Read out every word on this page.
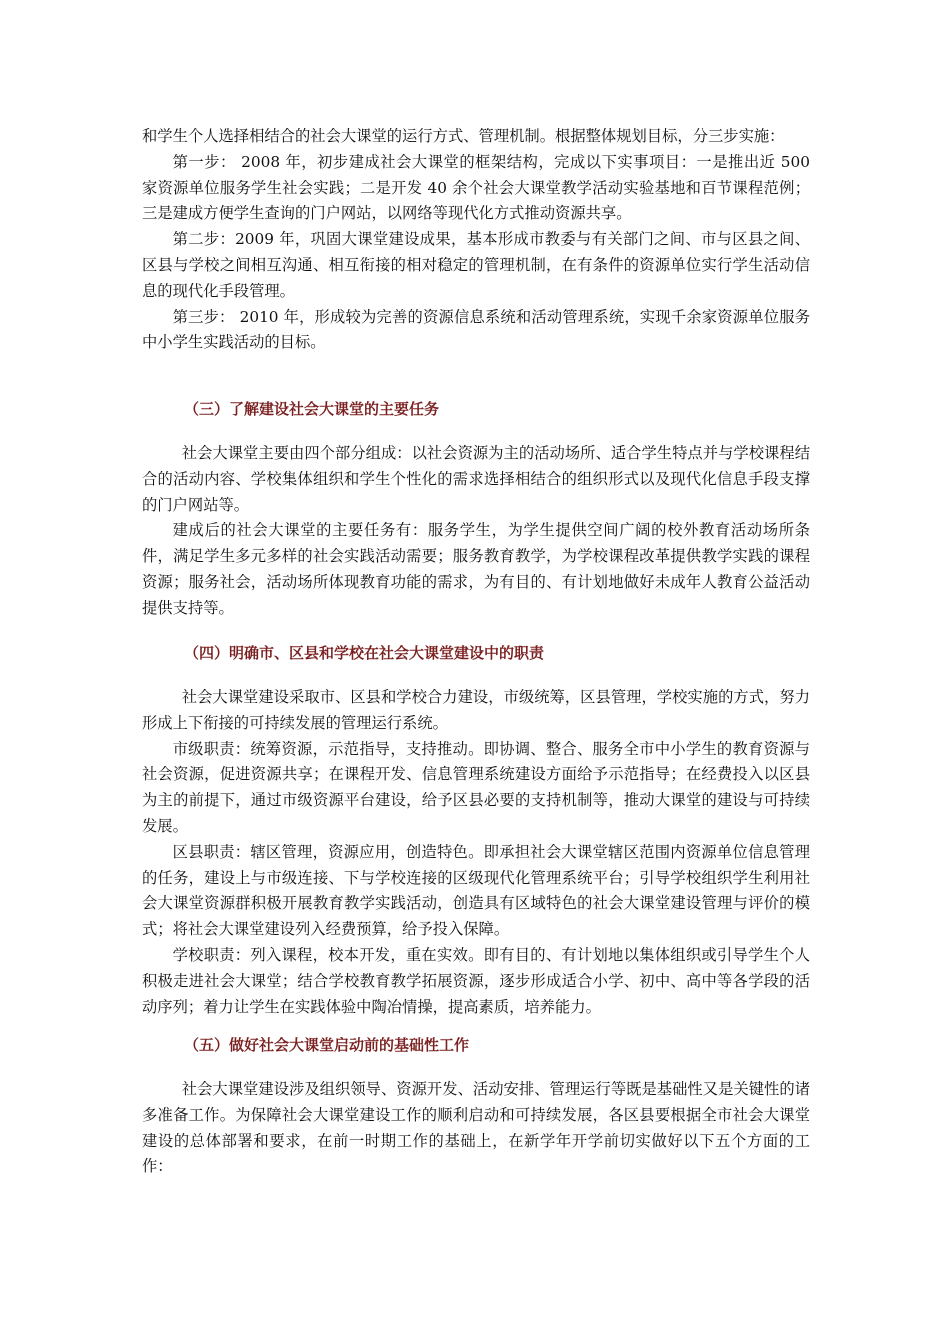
和学生个人选择相结合的社会大课堂的运行方式、管理机制。根据整体规划目标，分三步实施：

第一步： 2008 年，初步建成社会大课堂的框架结构，完成以下实事项目：一是推出近 500 家资源单位服务学生社会实践；二是开发 40 余个社会大课堂教学活动实验基地和百节课程范例；三是建成方便学生查询的门户网站，以网络等现代化方式推动资源共享。

第二步：2009 年，巩固大课堂建设成果，基本形成市教委与有关部门之间、市与区县之间、区县与学校之间相互沟通、相互衔接的相对稳定的管理机制，在有条件的资源单位实行学生活动信息的现代化手段管理。

第三步： 2010 年，形成较为完善的资源信息系统和活动管理系统，实现千余家资源单位服务中小学生实践活动的目标。

（三）了解建设社会大课堂的主要任务

社会大课堂主要由四个部分组成：以社会资源为主的活动场所、适合学生特点并与学校课程结合的活动内容、学校集体组织和学生个性化的需求选择相结合的组织形式以及现代化信息手段支撑的门户网站等。

建成后的社会大课堂的主要任务有：服务学生，为学生提供空间广阔的校外教育活动场所条件，满足学生多元多样的社会实践活动需要；服务教育教学，为学校课程改革提供教学实践的课程资源；服务社会，活动场所体现教育功能的需求，为有目的、有计划地做好未成年人教育公益活动提供支持等。

（四）明确市、区县和学校在社会大课堂建设中的职责

社会大课堂建设采取市、区县和学校合力建设，市级统筹，区县管理，学校实施的方式，努力形成上下衔接的可持续发展的管理运行系统。

市级职责：统筹资源，示范指导，支持推动。即协调、整合、服务全市中小学生的教育资源与社会资源，促进资源共享；在课程开发、信息管理系统建设方面给予示范指导；在经费投入以区县为主的前提下，通过市级资源平台建设，给予区县必要的支持机制等，推动大课堂的建设与可持续发展。

区县职责：辖区管理，资源应用，创造特色。即承担社会大课堂辖区范围内资源单位信息管理的任务，建设上与市级连接、下与学校连接的区级现代化管理系统平台；引导学校组织学生利用社会大课堂资源群积极开展教育教学实践活动，创造具有区域特色的社会大课堂建设管理与评价的模式；将社会大课堂建设列入经费预算，给予投入保障。

学校职责：列入课程，校本开发，重在实效。即有目的、有计划地以集体组织或引导学生个人积极走进社会大课堂；结合学校教育教学拓展资源，逐步形成适合小学、初中、高中等各学段的活动序列；着力让学生在实践体验中陶冶情操，提高素质，培养能力。

（五）做好社会大课堂启动前的基础性工作

社会大课堂建设涉及组织领导、资源开发、活动安排、管理运行等既是基础性又是关键性的诸多准备工作。为保障社会大课堂建设工作的顺利启动和可持续发展，各区县要根据全市社会大课堂建设的总体部署和要求，在前一时期工作的基础上，在新学年开学前切实做好以下五个方面的工作：
